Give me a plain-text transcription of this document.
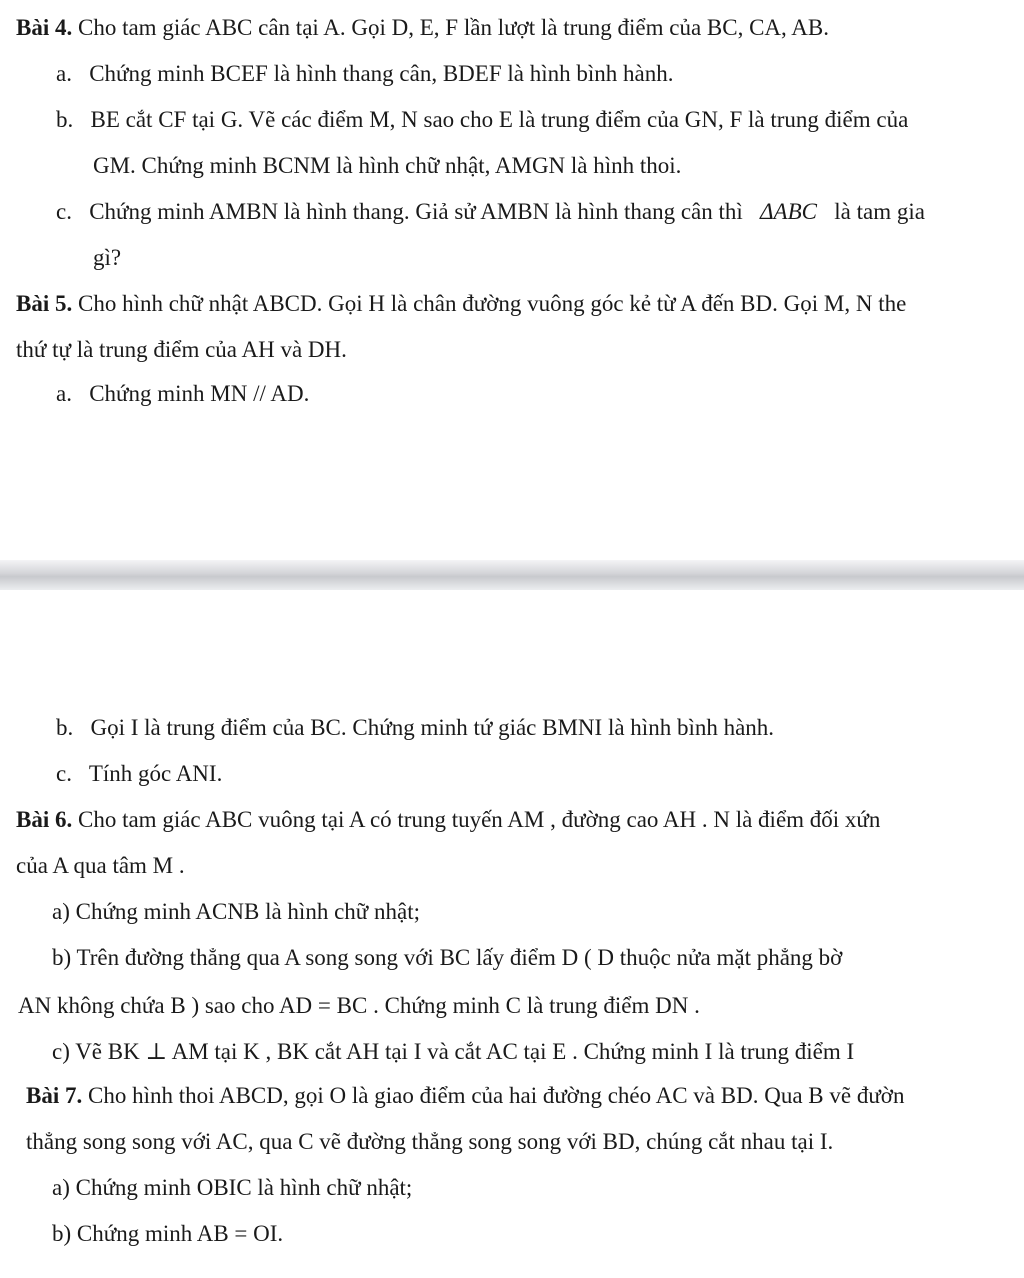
Bài 4. Cho tam giác ABC cân tại A. Gọi D, E, F lần lượt là trung điểm của BC, CA, AB.
a. Chứng minh BCEF là hình thang cân, BDEF là hình bình hành.
b. BE cắt CF tại G. Vẽ các điểm M, N sao cho E là trung điểm của GN, F là trung điểm của
GM. Chứng minh BCNM là hình chữ nhật, AMGN là hình thoi.
c. Chứng minh AMBN là hình thang. Giả sử AMBN là hình thang cân thì ΔABC là tam gia
gì?
Bài 5. Cho hình chữ nhật ABCD. Gọi H là chân đường vuông góc kẻ từ A đến BD. Gọi M, N the
thứ tự là trung điểm của AH và DH.
a. Chứng minh MN // AD.
b. Gọi I là trung điểm của BC. Chứng minh tứ giác BMNI là hình bình hành.
c. Tính góc ANI.
Bài 6. Cho tam giác ABC vuông tại A có trung tuyến AM , đường cao AH . N là điểm đối xứn
của A qua tâm M .
a) Chứng minh ACNB là hình chữ nhật;
b) Trên đường thẳng qua A song song với BC lấy điểm D ( D thuộc nửa mặt phẳng bờ
AN không chứa B ) sao cho AD = BC . Chứng minh C là trung điểm DN .
c) Vẽ BK ⊥ AM tại K , BK cắt AH tại I và cắt AC tại E . Chứng minh I là trung điểm I
Bài 7. Cho hình thoi ABCD, gọi O là giao điểm của hai đường chéo AC và BD. Qua B vẽ đườn
thẳng song song với AC, qua C vẽ đường thẳng song song với BD, chúng cắt nhau tại I.
a) Chứng minh OBIC là hình chữ nhật;
b) Chứng minh AB = OI.
